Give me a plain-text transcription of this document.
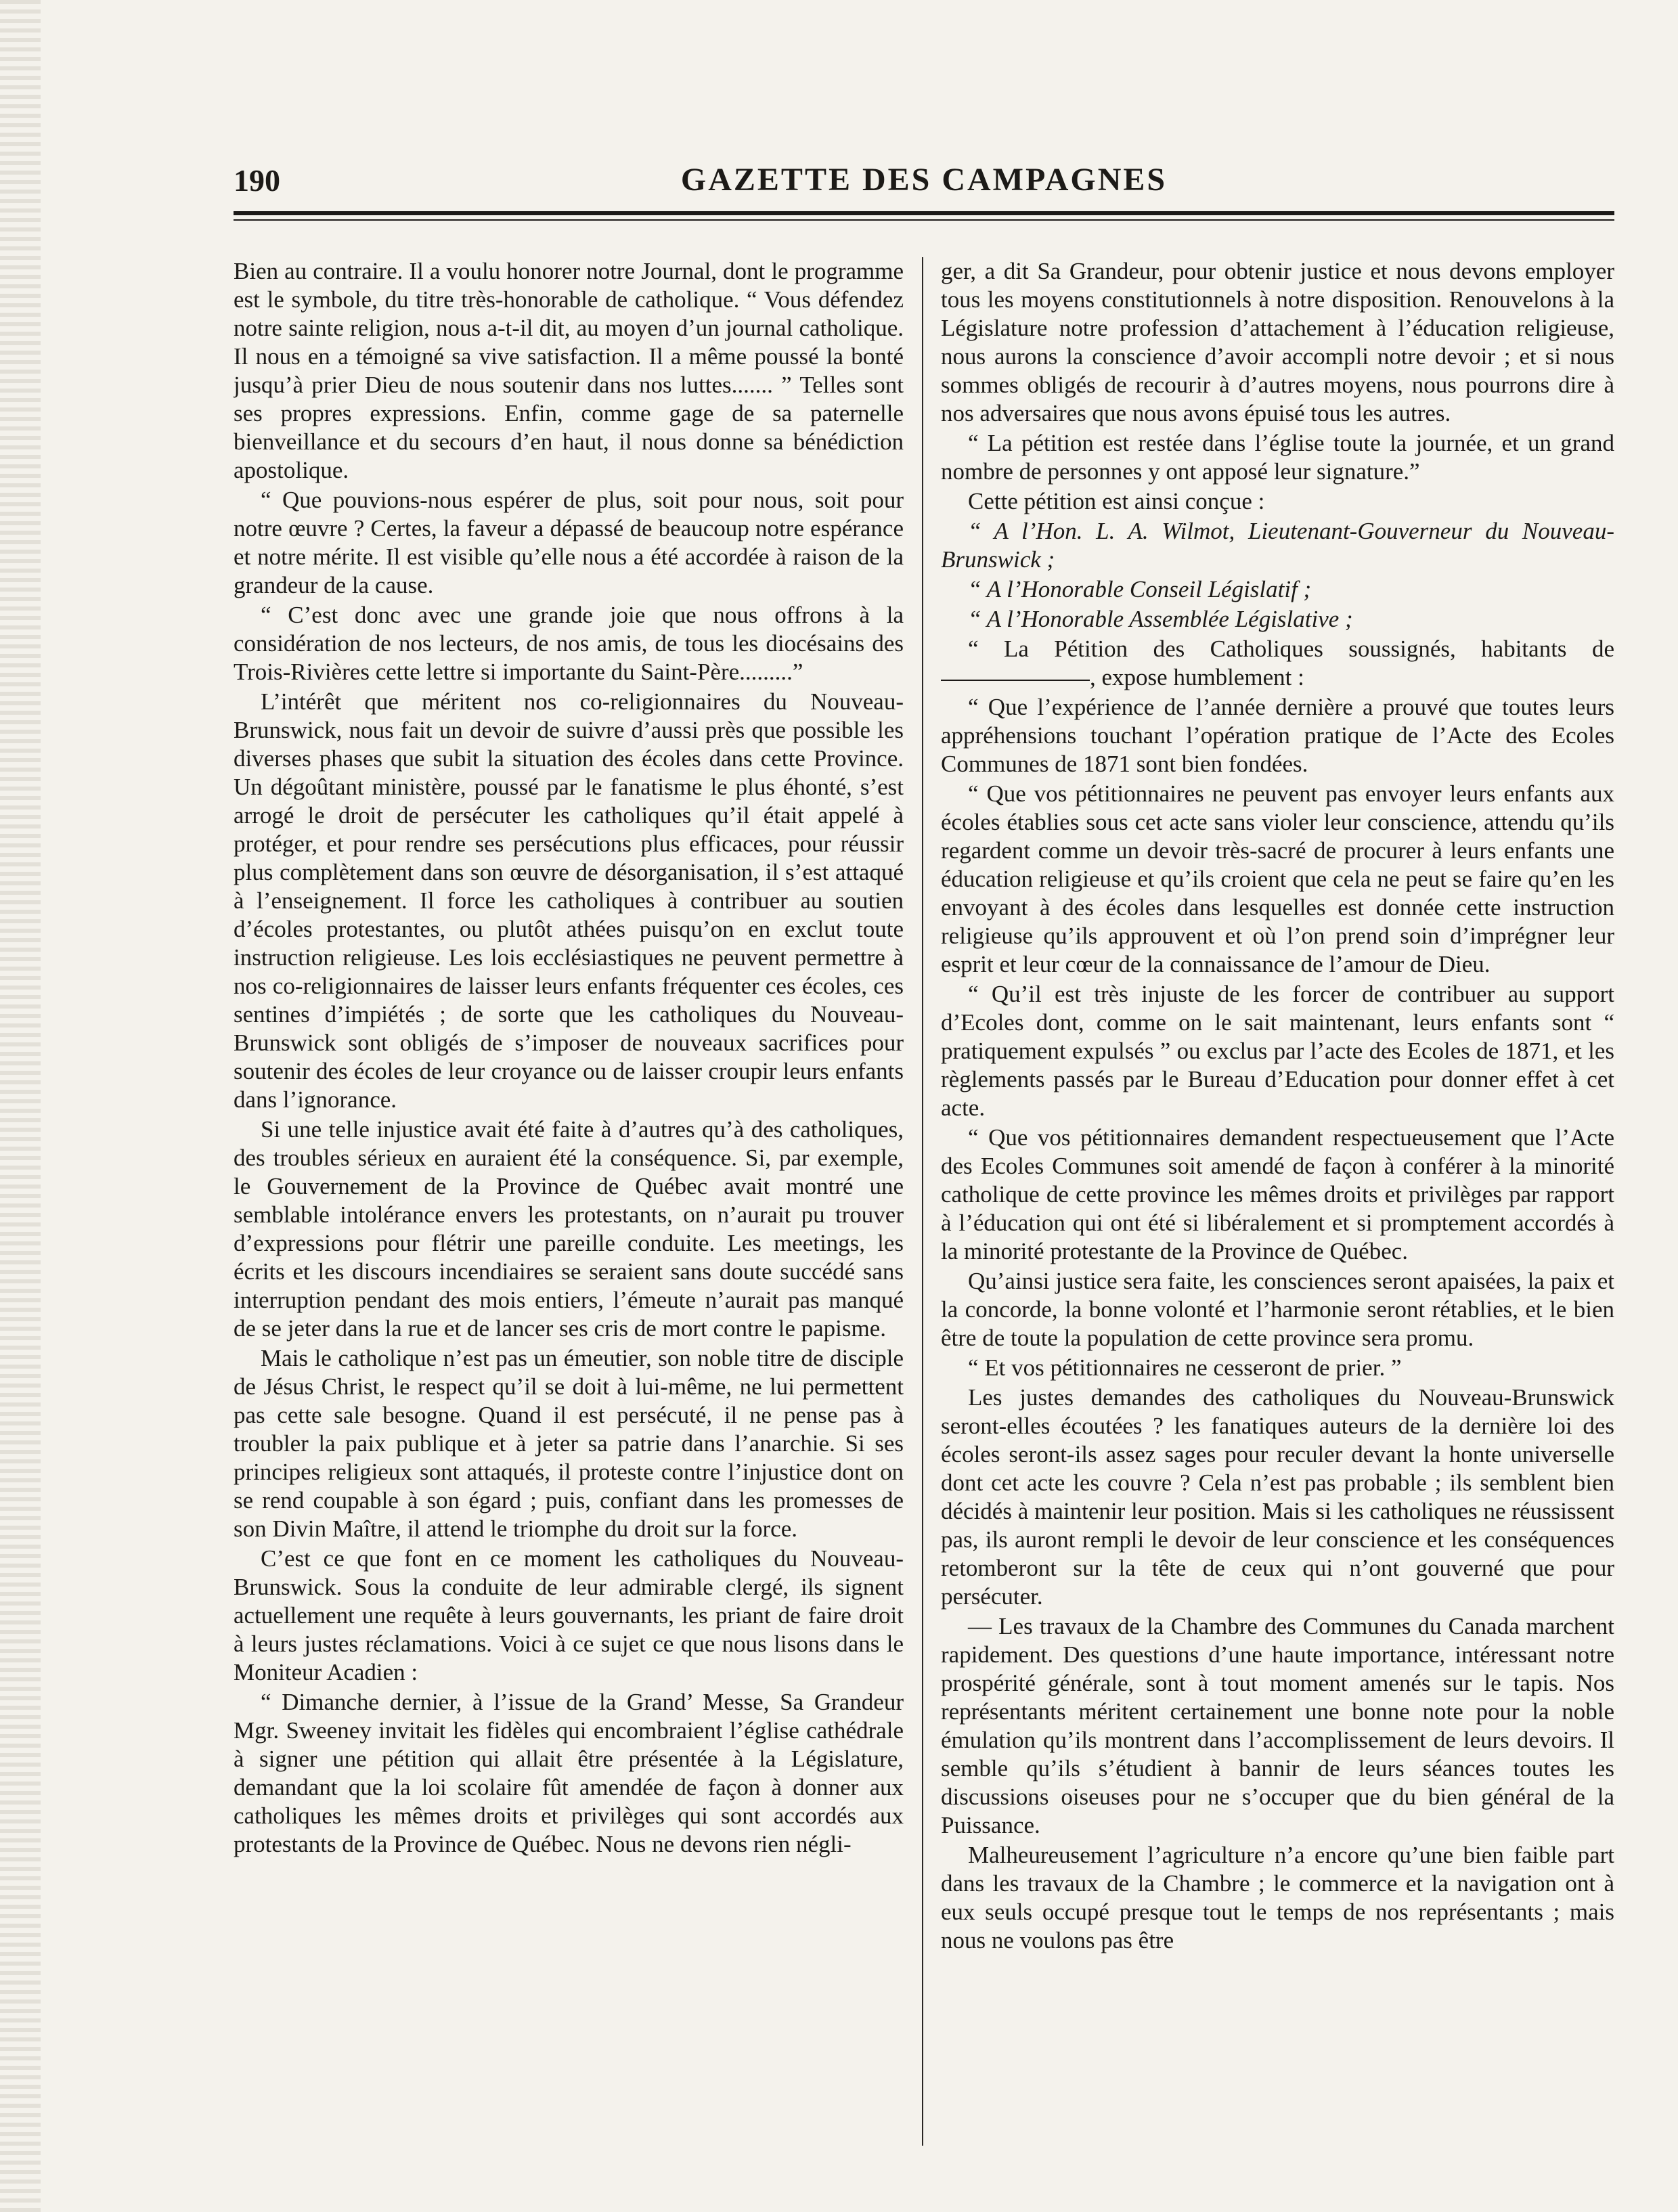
190	GAZETTE DES CAMPAGNES

Bien au contraire. Il a voulu honorer notre Journal, dont le programme est le symbole, du titre très-honorable de catholique. “ Vous défendez notre sainte religion, nous a-t-il dit, au moyen d’un journal catholique. Il nous en a témoigné sa vive satisfaction. Il a même poussé la bonté jusqu’à prier Dieu de nous soutenir dans nos luttes....... ” Telles sont ses propres expressions. Enfin, comme gage de sa paternelle bienveillance et du secours d’en haut, il nous donne sa bénédiction apostolique.

“ Que pouvions-nous espérer de plus, soit pour nous, soit pour notre œuvre ? Certes, la faveur a dépassé de beaucoup notre espérance et notre mérite. Il est visible qu’elle nous a été accordée à raison de la grandeur de la cause.

“ C’est donc avec une grande joie que nous offrons à la considération de nos lecteurs, de nos amis, de tous les diocésains des Trois-Rivières cette lettre si importante du Saint-Père.........”

L’intérêt que méritent nos co-religionnaires du Nouveau-Brunswick, nous fait un devoir de suivre d’aussi près que possible les diverses phases que subit la situation des écoles dans cette Province. Un dégoûtant ministère, poussé par le fanatisme le plus éhonté, s’est arrogé le droit de persécuter les catholiques qu’il était appelé à protéger, et pour rendre ses persécutions plus efficaces, pour réussir plus complètement dans son œuvre de désorganisation, il s’est attaqué à l’enseignement. Il force les catholiques à contribuer au soutien d’écoles protestantes, ou plutôt athées puisqu’on en exclut toute instruction religieuse. Les lois ecclésiastiques ne peuvent permettre à nos co-religionnaires de laisser leurs enfants fréquenter ces écoles, ces sentines d’impiétés ; de sorte que les catholiques du Nouveau-Brunswick sont obligés de s’imposer de nouveaux sacrifices pour soutenir des écoles de leur croyance ou de laisser croupir leurs enfants dans l’ignorance.

Si une telle injustice avait été faite à d’autres qu’à des catholiques, des troubles sérieux en auraient été la conséquence. Si, par exemple, le Gouvernement de la Province de Québec avait montré une semblable intolérance envers les protestants, on n’aurait pu trouver d’expressions pour flétrir une pareille conduite. Les meetings, les écrits et les discours incendiaires se seraient sans doute succédé sans interruption pendant des mois entiers, l’émeute n’aurait pas manqué de se jeter dans la rue et de lancer ses cris de mort contre le papisme.

Mais le catholique n’est pas un émeutier, son noble titre de disciple de Jésus Christ, le respect qu’il se doit à lui-même, ne lui permettent pas cette sale besogne. Quand il est persécuté, il ne pense pas à troubler la paix publique et à jeter sa patrie dans l’anarchie. Si ses principes religieux sont attaqués, il proteste contre l’injustice dont on se rend coupable à son égard ; puis, confiant dans les promesses de son Divin Maître, il attend le triomphe du droit sur la force.

C’est ce que font en ce moment les catholiques du Nouveau-Brunswick. Sous la conduite de leur admirable clergé, ils signent actuellement une requête à leurs gouvernants, les priant de faire droit à leurs justes réclamations. Voici à ce sujet ce que nous lisons dans le Moniteur Acadien :

“ Dimanche dernier, à l’issue de la Grand’ Messe, Sa Grandeur Mgr. Sweeney invitait les fidèles qui encombraient l’église cathédrale à signer une pétition qui allait être présentée à la Législature, demandant que la loi scolaire fût amendée de façon à donner aux catholiques les mêmes droits et privilèges qui sont accordés aux protestants de la Province de Québec. Nous ne devons rien négli-

ger, a dit Sa Grandeur, pour obtenir justice et nous devons employer tous les moyens constitutionnels à notre disposition. Renouvelons à la Législature notre profession d’attachement à l’éducation religieuse, nous aurons la conscience d’avoir accompli notre devoir ; et si nous sommes obligés de recourir à d’autres moyens, nous pourrons dire à nos adversaires que nous avons épuisé tous les autres.

“ La pétition est restée dans l’église toute la journée, et un grand nombre de personnes y ont apposé leur signature.”

Cette pétition est ainsi conçue :

“ A l’Hon. L. A. Wilmot, Lieutenant-Gouverneur du Nouveau-Brunswick ;

“ A l’Honorable Conseil Législatif ;

“ A l’Honorable Assemblée Législative ;

“ La Pétition des Catholiques soussignés, habitants de , expose humblement :

“ Que l’expérience de l’année dernière a prouvé que toutes leurs appréhensions touchant l’opération pratique de l’Acte des Ecoles Communes de 1871 sont bien fondées.

“ Que vos pétitionnaires ne peuvent pas envoyer leurs enfants aux écoles établies sous cet acte sans violer leur conscience, attendu qu’ils regardent comme un devoir très-sacré de procurer à leurs enfants une éducation religieuse et qu’ils croient que cela ne peut se faire qu’en les envoyant à des écoles dans lesquelles est donnée cette instruction religieuse qu’ils approuvent et où l’on prend soin d’imprégner leur esprit et leur cœur de la connaissance de l’amour de Dieu.

“ Qu’il est très injuste de les forcer de contribuer au support d’Ecoles dont, comme on le sait maintenant, leurs enfants sont “ pratiquement expulsés ” ou exclus par l’acte des Ecoles de 1871, et les règlements passés par le Bureau d’Education pour donner effet à cet acte.

“ Que vos pétitionnaires demandent respectueusement que l’Acte des Ecoles Communes soit amendé de façon à conférer à la minorité catholique de cette province les mêmes droits et privilèges par rapport à l’éducation qui ont été si libéralement et si promptement accordés à la minorité protestante de la Province de Québec.

Qu’ainsi justice sera faite, les consciences seront apaisées, la paix et la concorde, la bonne volonté et l’harmonie seront rétablies, et le bien être de toute la population de cette province sera promu.

“ Et vos pétitionnaires ne cesseront de prier. ”

Les justes demandes des catholiques du Nouveau-Brunswick seront-elles écoutées ? les fanatiques auteurs de la dernière loi des écoles seront-ils assez sages pour reculer devant la honte universelle dont cet acte les couvre ? Cela n’est pas probable ; ils semblent bien décidés à maintenir leur position. Mais si les catholiques ne réussissent pas, ils auront rempli le devoir de leur conscience et les conséquences retomberont sur la tête de ceux qui n’ont gouverné que pour persécuter.

— Les travaux de la Chambre des Communes du Canada marchent rapidement. Des questions d’une haute importance, intéressant notre prospérité générale, sont à tout moment amenés sur le tapis. Nos représentants méritent certainement une bonne note pour la noble émulation qu’ils montrent dans l’accomplissement de leurs devoirs. Il semble qu’ils s’étudient à bannir de leurs séances toutes les discussions oiseuses pour ne s’occuper que du bien général de la Puissance.

Malheureusement l’agriculture n’a encore qu’une bien faible part dans les travaux de la Chambre ; le commerce et la navigation ont à eux seuls occupé presque tout le temps de nos représentants ; mais nous ne voulons pas être
